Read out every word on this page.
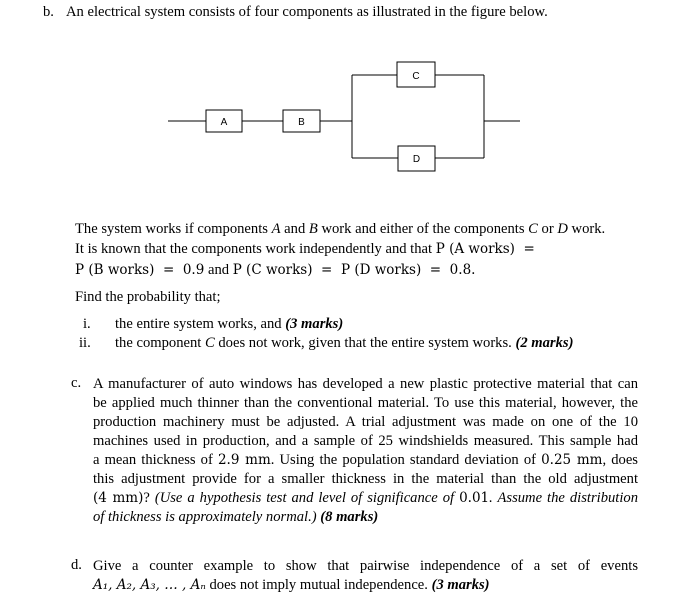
b. An electrical system consists of four components as illustrated in the figure below.
A	B
C
D
The system works if components A and B work and either of the components C or D work.
It is known that the components work independently and that P (A works)  =
P (B works)  =  0.9 and P (C works)  =  P (D works)  =  0.8.
Find the probability that;
i. the entire system works, and (3 marks)
ii. the component C does not work, given that the entire system works. (2 marks)
c. A manufacturer of auto windows has developed a new plastic protective material that can
be applied much thinner than the conventional material. To use this material, however, the
production machinery must be adjusted. A trial adjustment was made on one of the 10
machines used in production, and a sample of 25 windshields measured. This sample had
a mean thickness of 2.9 mm. Using the population standard deviation of 0.25 mm, does
this adjustment provide for a smaller thickness in the material than the old adjustment
(4 mm)? (Use a hypothesis test and level of significance of 0.01. Assume the distribution
of thickness is approximately normal.) (8 marks)
d. Give a counter example to show that pairwise independence of a set of events
A₁, A₂, A₃, … , Aₙ does not imply mutual independence. (3 marks)
